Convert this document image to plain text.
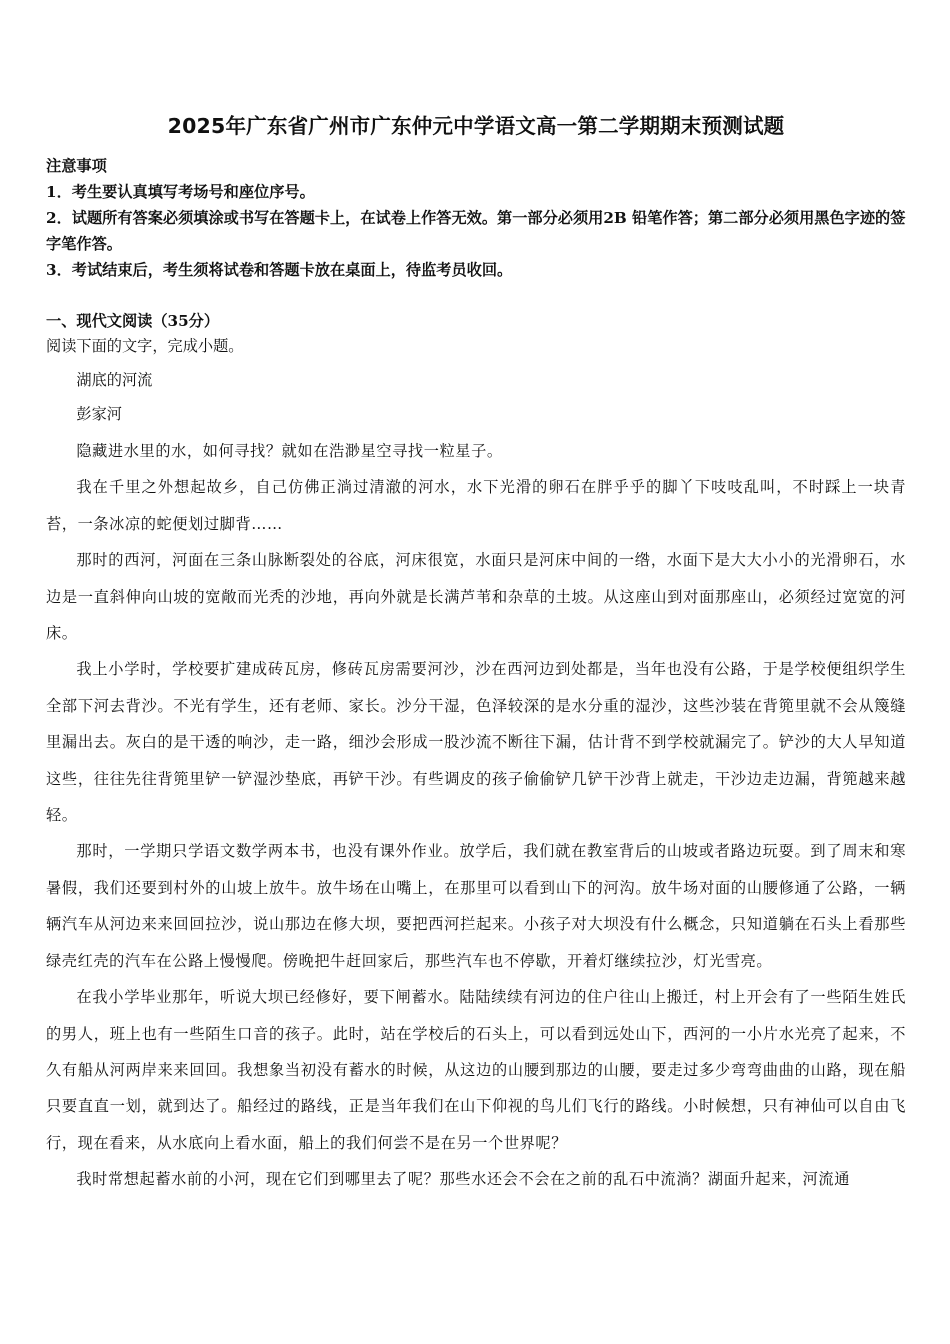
2025年广东省广州市广东仲元中学语文高一第二学期期末预测试题

注意事项

1．考生要认真填写考场号和座位序号。

2．试题所有答案必须填涂或书写在答题卡上，在试卷上作答无效。第一部分必须用2B 铅笔作答；第二部分必须用黑色字迹的签字笔作答。

3．考试结束后，考生须将试卷和答题卡放在桌面上，待监考员收回。

一、现代文阅读（35分）

阅读下面的文字，完成小题。

湖底的河流

彭家河

隐藏进水里的水，如何寻找？就如在浩渺星空寻找一粒星子。

我在千里之外想起故乡，自己仿佛正淌过清澈的河水，水下光滑的卵石在胖乎乎的脚丫下吱吱乱叫，不时踩上一块青苔，一条冰凉的蛇便划过脚背……

那时的西河，河面在三条山脉断裂处的谷底，河床很宽，水面只是河床中间的一绺，水面下是大大小小的光滑卵石，水边是一直斜伸向山坡的宽敞而光秃的沙地，再向外就是长满芦苇和杂草的土坡。从这座山到对面那座山，必须经过宽宽的河床。

我上小学时，学校要扩建成砖瓦房，修砖瓦房需要河沙，沙在西河边到处都是，当年也没有公路，于是学校便组织学生全部下河去背沙。不光有学生，还有老师、家长。沙分干湿，色泽较深的是水分重的湿沙，这些沙装在背篼里就不会从篾缝里漏出去。灰白的是干透的响沙，走一路，细沙会形成一股沙流不断往下漏，估计背不到学校就漏完了。铲沙的大人早知道这些，往往先往背篼里铲一铲湿沙垫底，再铲干沙。有些调皮的孩子偷偷铲几铲干沙背上就走，干沙边走边漏，背篼越来越轻。

那时，一学期只学语文数学两本书，也没有课外作业。放学后，我们就在教室背后的山坡或者路边玩耍。到了周末和寒暑假，我们还要到村外的山坡上放牛。放牛场在山嘴上，在那里可以看到山下的河沟。放牛场对面的山腰修通了公路，一辆辆汽车从河边来来回回拉沙，说山那边在修大坝，要把西河拦起来。小孩子对大坝没有什么概念，只知道躺在石头上看那些绿壳红壳的汽车在公路上慢慢爬。傍晚把牛赶回家后，那些汽车也不停歇，开着灯继续拉沙，灯光雪亮。

在我小学毕业那年，听说大坝已经修好，要下闸蓄水。陆陆续续有河边的住户往山上搬迁，村上开会有了一些陌生姓氏的男人，班上也有一些陌生口音的孩子。此时，站在学校后的石头上，可以看到远处山下，西河的一小片水光亮了起来，不久有船从河两岸来来回回。我想象当初没有蓄水的时候，从这边的山腰到那边的山腰，要走过多少弯弯曲曲的山路，现在船只要直直一划，就到达了。船经过的路线，正是当年我们在山下仰视的鸟儿们飞行的路线。小时候想，只有神仙可以自由飞行，现在看来，从水底向上看水面，船上的我们何尝不是在另一个世界呢？

我时常想起蓄水前的小河，现在它们到哪里去了呢？那些水还会不会在之前的乱石中流淌？湖面升起来，河流通
